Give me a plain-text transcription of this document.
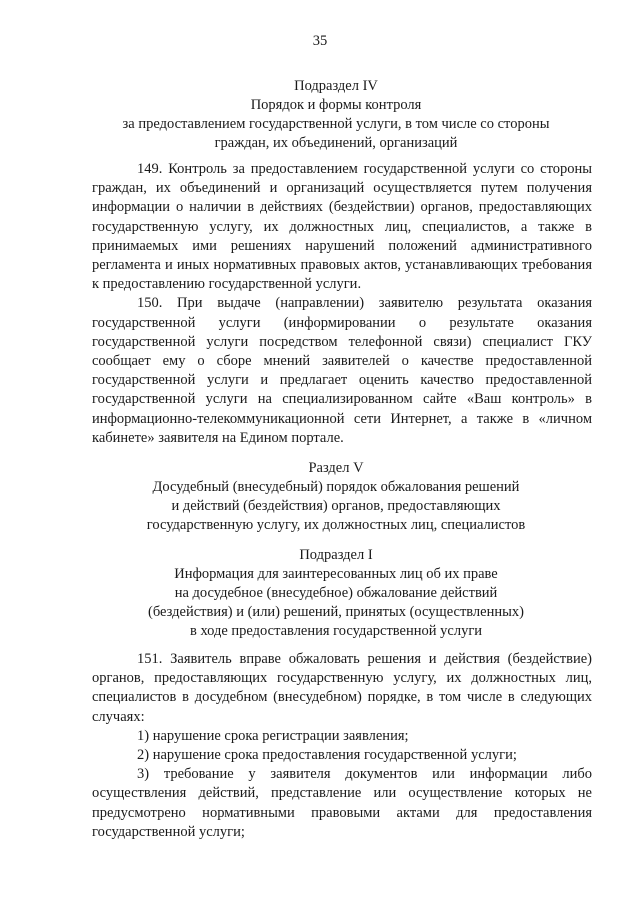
35
Подраздел IV
Порядок и формы контроля
за предоставлением государственной услуги, в том числе со стороны
граждан, их объединений, организаций

149. Контроль за предоставлением государственной услуги со стороны граждан, их объединений и организаций осуществляется путем получения информации о наличии в действиях (бездействии) органов, предоставляющих государственную услугу, их должностных лиц, специалистов, а также в принимаемых ими решениях нарушений положений административного регламента и иных нормативных правовых актов, устанавливающих требования к предоставлению государственной услуги.

150. При выдаче (направлении) заявителю результата оказания государственной услуги (информировании о результате оказания государственной услуги посредством телефонной связи) специалист ГКУ сообщает ему о сборе мнений заявителей о качестве предоставленной государственной услуги и предлагает оценить качество предоставленной государственной услуги на специализированном сайте «Ваш контроль» в информационно-телекоммуникационной сети Интернет, а также в «личном кабинете» заявителя на Едином портале.

Раздел V
Досудебный (внесудебный) порядок обжалования решений
и действий (бездействия) органов, предоставляющих
государственную услугу, их должностных лиц, специалистов
Подраздел I
Информация для заинтересованных лиц об их праве
на досудебное (внесудебное) обжалование действий
(бездействия) и (или) решений, принятых (осуществленных)
в ходе предоставления государственной услуги

151. Заявитель вправе обжаловать решения и действия (бездействие) органов, предоставляющих государственную услугу, их должностных лиц, специалистов в досудебном (внесудебном) порядке, в том числе в следующих случаях:

1) нарушение срока регистрации заявления;

2) нарушение срока предоставления государственной услуги;

3) требование у заявителя документов или информации либо осуществления действий, представление или осуществление которых не предусмотрено нормативными правовыми актами для предоставления государственной услуги;
